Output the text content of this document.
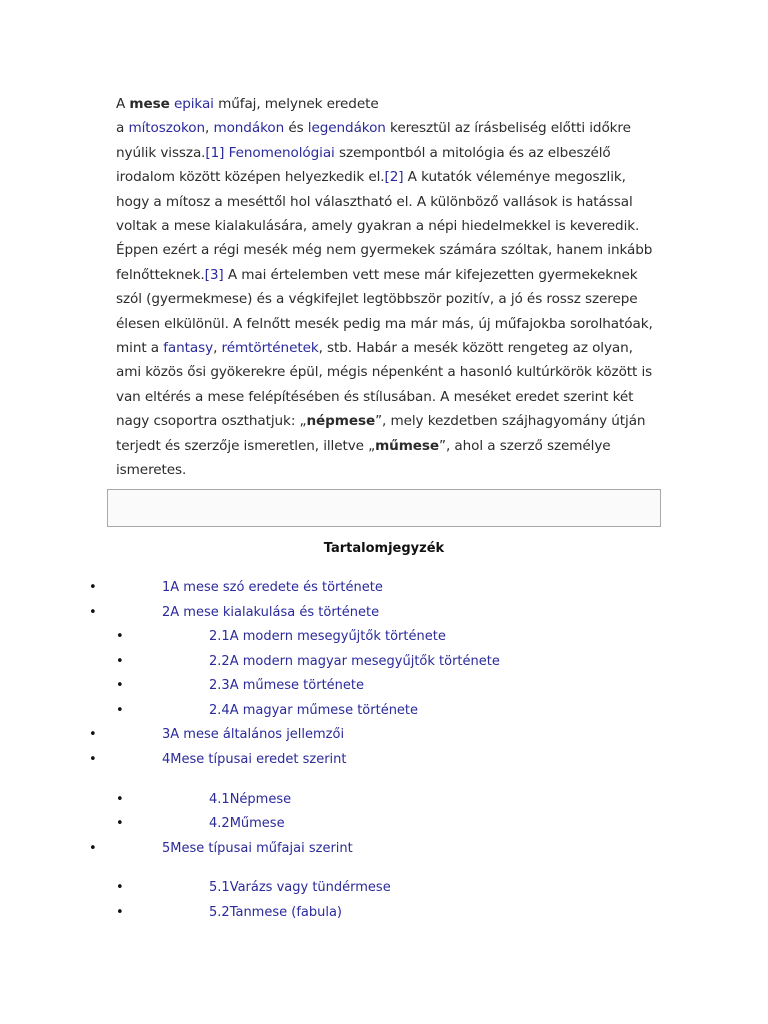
A mese epikai műfaj, melynek eredete
a mítoszokon, mondákon és legendákon keresztül az írásbeliség előtti időkre
nyúlik vissza.[1] Fenomenológiai szempontból a mitológia és az elbeszélő
irodalom között középen helyezkedik el.[2] A kutatók véleménye megoszlik,
hogy a mítosz a meséttől hol választható el. A különböző vallások is hatással
voltak a mese kialakulására, amely gyakran a népi hiedelmekkel is keveredik.
Éppen ezért a régi mesék még nem gyermekek számára szóltak, hanem inkább
felnőtteknek.[3] A mai értelemben vett mese már kifejezetten gyermekeknek
szól (gyermekmese) és a végkifejlet legtöbbször pozitív, a jó és rossz szerepe
élesen elkülönül. A felnőtt mesék pedig ma már más, új műfajokba sorolhatóak,
mint a fantasy, rémtörténetek, stb. Habár a mesék között rengeteg az olyan,
ami közös ősi gyökerekre épül, mégis népenként a hasonló kultúrkörök között is
van eltérés a mese felépítésében és stílusában. A meséket eredet szerint két
nagy csoportra oszthatjuk: „népmese”, mely kezdetben szájhagyomány útján
terjedt és szerzője ismeretlen, illetve „műmese”, ahol a szerző személye
ismeretes.
Tartalomjegyzék
•	1A mese szó eredete és története
•	2A mese kialakulása és története
•	2.1A modern mesegyűjtők története
•	2.2A modern magyar mesegyűjtők története
•	2.3A műmese története
•	2.4A magyar műmese története
•	3A mese általános jellemzői
•	4Mese típusai eredet szerint
•	4.1Népmese
•	4.2Műmese
•	5Mese típusai műfajai szerint
•	5.1Varázs vagy tündérmese
•	5.2Tanmese (fabula)
